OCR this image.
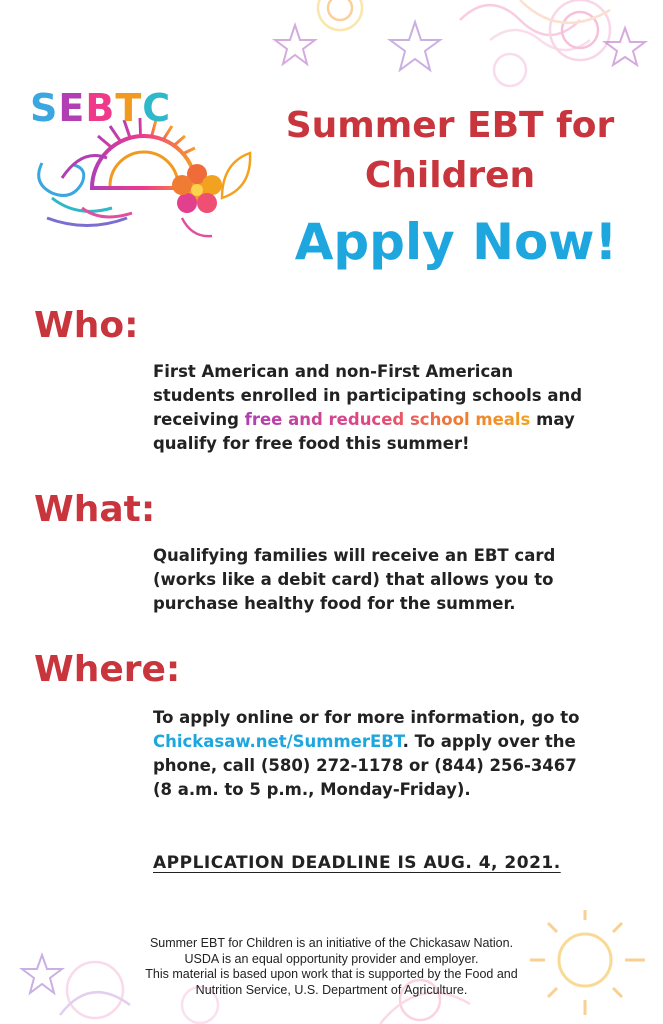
SEBTC	Summer EBT for
Children
Apply Now!
Who:
First American and non-First American
students enrolled in participating schools and
receiving free and reduced school meals may
qualify for free food this summer!
What:
Qualifying families will receive an EBT card
(works like a debit card) that allows you to
purchase healthy food for the summer.
Where:
To apply online or for more information, go to
Chickasaw.net/SummerEBT. To apply over the
phone, call (580) 272-1178 or (844) 256-3467
(8 a.m. to 5 p.m., Monday-Friday).
APPLICATION DEADLINE IS AUG. 4, 2021.
Summer EBT for Children is an initiative of the Chickasaw Nation.
USDA is an equal opportunity provider and employer.
This material is based upon work that is supported by the Food and
Nutrition Service, U.S. Department of Agriculture.
